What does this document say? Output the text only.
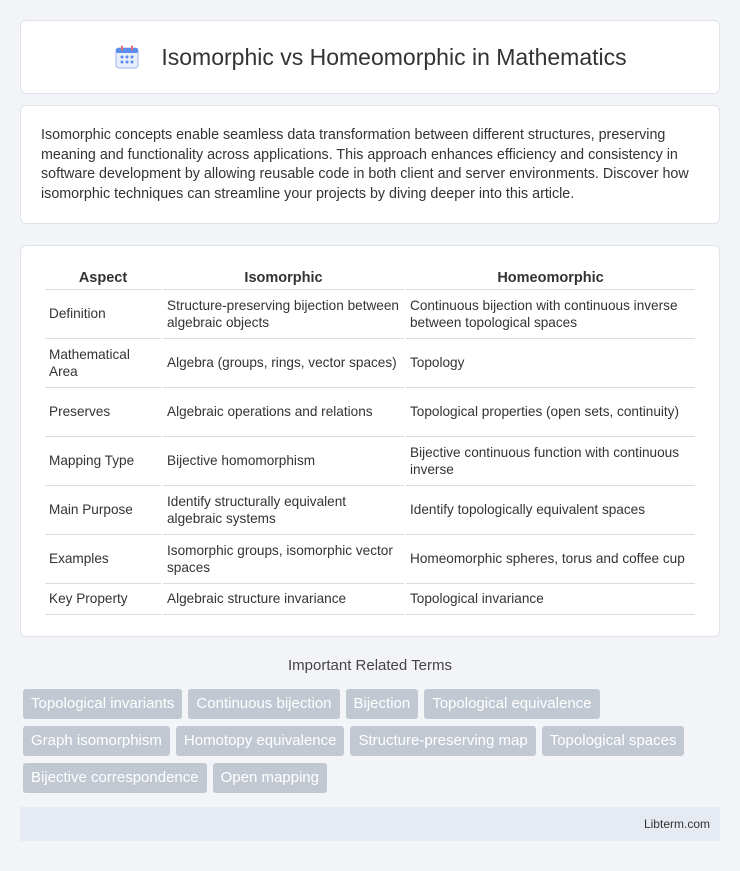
Isomorphic vs Homeomorphic in Mathematics

Isomorphic concepts enable seamless data transformation between different structures, preserving meaning and functionality across applications. This approach enhances efficiency and consistency in software development by allowing reusable code in both client and server environments. Discover how isomorphic techniques can streamline your projects by diving deeper into this article.

Aspect	Isomorphic	Homeomorphic
Definition	Structure-preserving bijection between algebraic objects	Continuous bijection with continuous inverse between topological spaces
Mathematical Area	Algebra (groups, rings, vector spaces)	Topology
Preserves	Algebraic operations and relations	Topological properties (open sets, continuity)
Mapping Type	Bijective homomorphism	Bijective continuous function with continuous inverse
Main Purpose	Identify structurally equivalent algebraic systems	Identify topologically equivalent spaces
Examples	Isomorphic groups, isomorphic vector spaces	Homeomorphic spheres, torus and coffee cup
Key Property	Algebraic structure invariance	Topological invariance
Important Related Terms
Topological invariants	Continuous bijection	Bijection	Topological equivalence
Graph isomorphism	Homotopy equivalence	Structure-preserving map	Topological spaces
Bijective correspondence	Open mapping
Libterm.com
